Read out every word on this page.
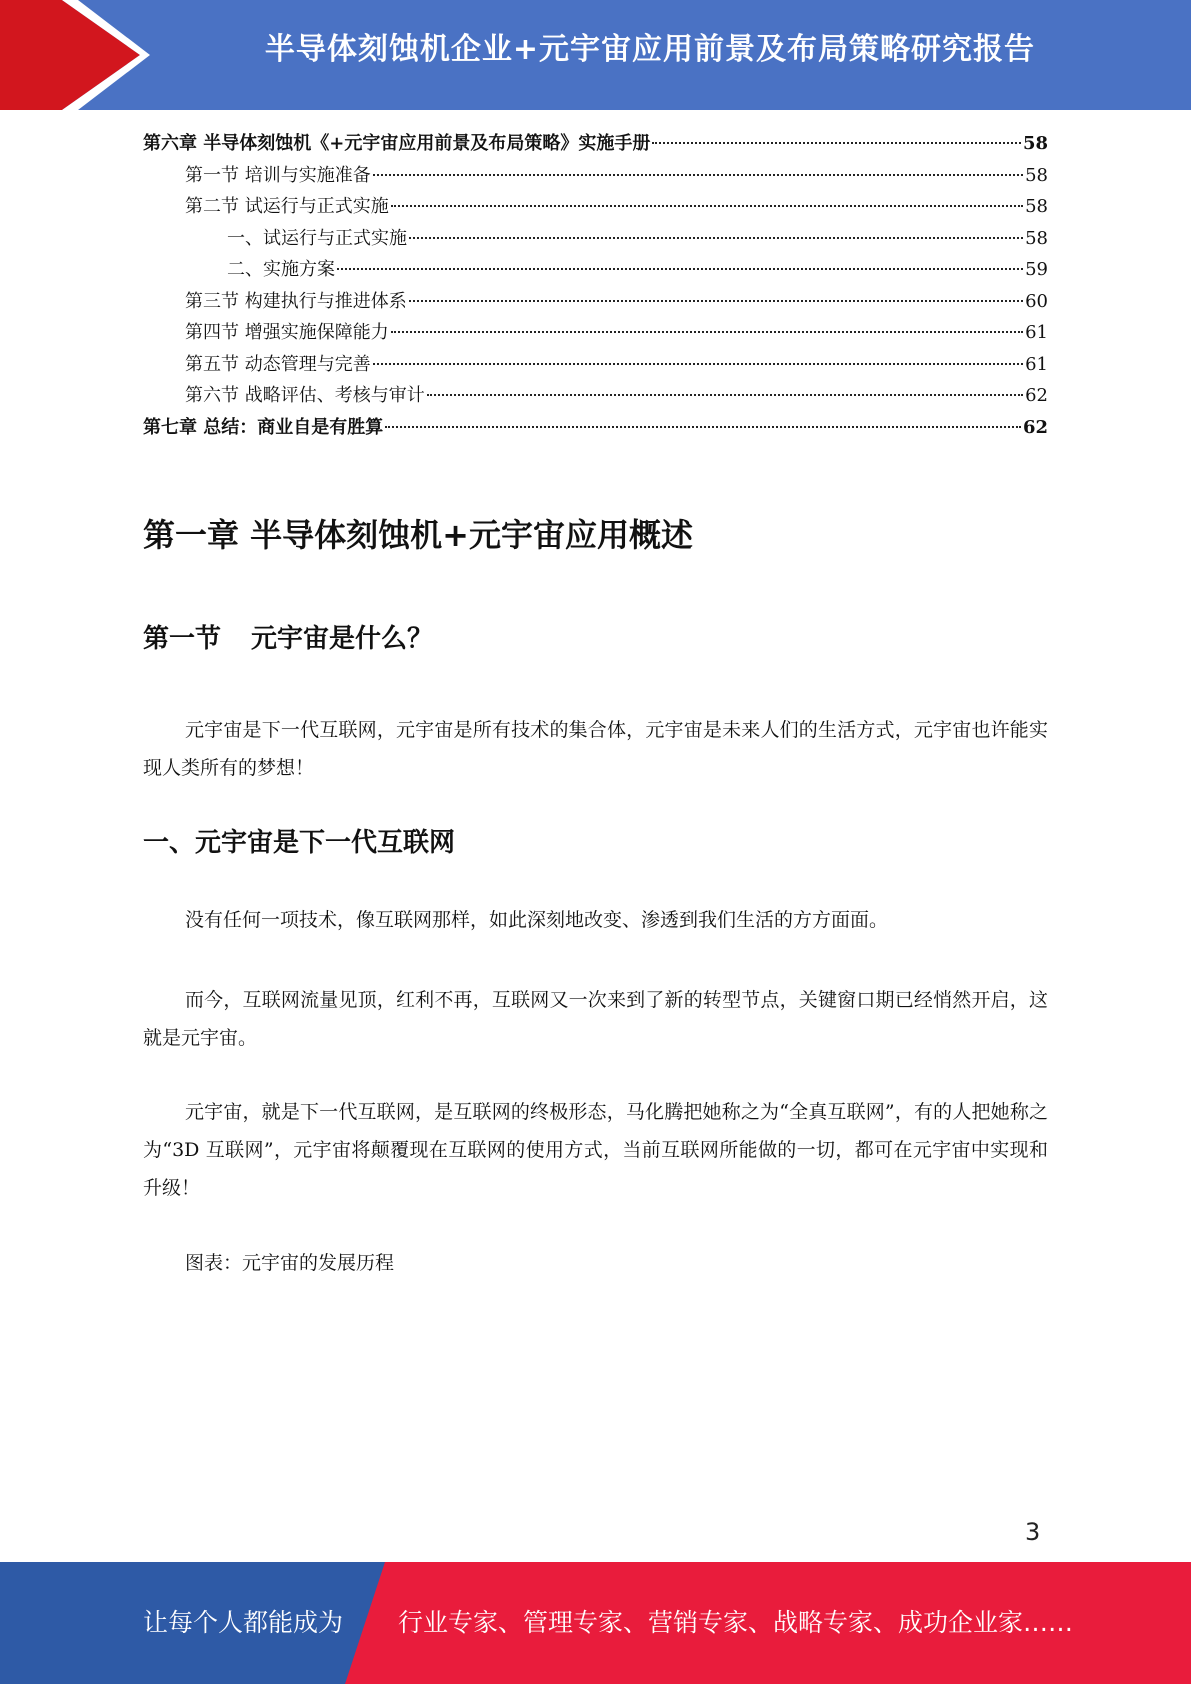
半导体刻蚀机企业+元宇宙应用前景及布局策略研究报告
第六章 半导体刻蚀机《+元宇宙应用前景及布局策略》实施手册	58
第一节 培训与实施准备	58
第二节 试运行与正式实施	58
一、试运行与正式实施	58
二、实施方案	59
第三节 构建执行与推进体系	60
第四节 增强实施保障能力	61
第五节 动态管理与完善	61
第六节 战略评估、考核与审计	62
第七章 总结：商业自是有胜算	62
第一章 半导体刻蚀机+元宇宙应用概述
第一节 元宇宙是什么？
元宇宙是下一代互联网，元宇宙是所有技术的集合体，元宇宙是未来人们的生活方式，元宇宙也许能实现人类所有的梦想！
一、元宇宙是下一代互联网
没有任何一项技术，像互联网那样，如此深刻地改变、渗透到我们生活的方方面面。
而今，互联网流量见顶，红利不再，互联网又一次来到了新的转型节点，关键窗口期已经悄然开启，这就是元宇宙。
元宇宙，就是下一代互联网，是互联网的终极形态，马化腾把她称之为“全真互联网”，有的人把她称之为“3D 互联网”，元宇宙将颠覆现在互联网的使用方式，当前互联网所能做的一切，都可在元宇宙中实现和升级！
图表：元宇宙的发展历程
3
让每个人都能成为 行业专家、管理专家、营销专家、战略专家、成功企业家……
